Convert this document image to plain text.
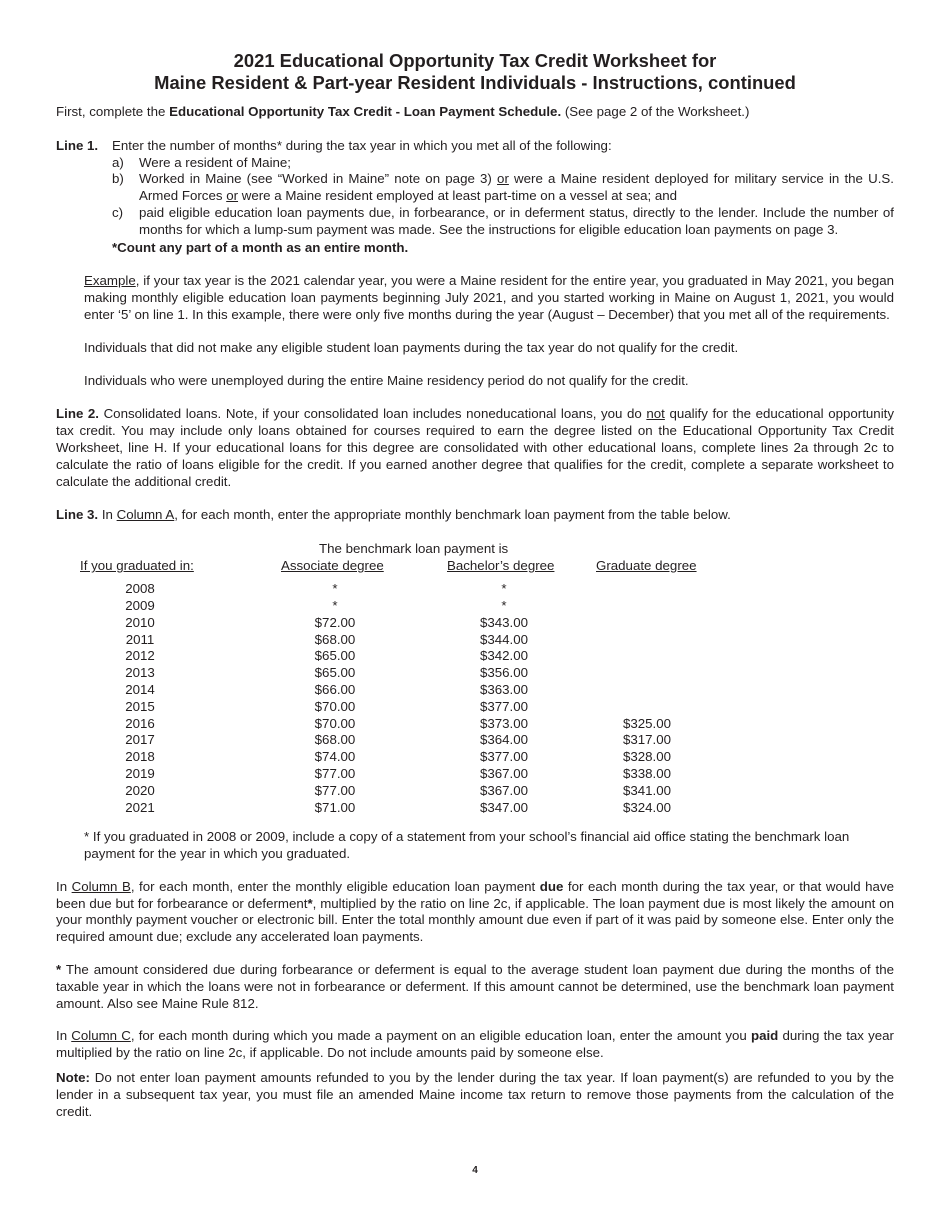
2021 Educational Opportunity Tax Credit Worksheet for
Maine Resident & Part-year Resident Individuals - Instructions, continued

First, complete the Educational Opportunity Tax Credit - Loan Payment Schedule. (See page 2 of the Worksheet.)

Line 1. Enter the number of months* during the tax year in which you met all of the following:

a) Were a resident of Maine;
b) Worked in Maine (see “Worked in Maine” note on page 3) or were a Maine resident deployed for military service in the U.S. Armed Forces or were a Maine resident employed at least part-time on a vessel at sea; and
c) paid eligible education loan payments due, in forbearance, or in deferment status, directly to the lender. Include the number of months for which a lump-sum payment was made. See the instructions for eligible education loan payments on page 3.

*Count any part of a month as an entire month.

Example, if your tax year is the 2021 calendar year, you were a Maine resident for the entire year, you graduated in May 2021, you began making monthly eligible education loan payments beginning July 2021, and you started working in Maine on August 1, 2021, you would enter ‘5’ on line 1. In this example, there were only five months during the year (August – December) that you met all of the requirements.

Individuals that did not make any eligible student loan payments during the tax year do not qualify for the credit.

Individuals who were unemployed during the entire Maine residency period do not qualify for the credit.

Line 2. Consolidated loans. Note, if your consolidated loan includes noneducational loans, you do not qualify for the educational opportunity tax credit. You may include only loans obtained for courses required to earn the degree listed on the Educational Opportunity Tax Credit Worksheet, line H. If your educational loans for this degree are consolidated with other educational loans, complete lines 2a through 2c to calculate the ratio of loans eligible for the credit. If you earned another degree that qualifies for the credit, complete a separate worksheet to calculate the additional credit.

Line 3. In Column A, for each month, enter the appropriate monthly benchmark loan payment from the table below.

The benchmark loan payment is
If you graduated in:	Associate degree	Bachelor’s degree	Graduate degree
2008	*	*
2009	*	*
2010	$72.00	$343.00
2011	$68.00	$344.00
2012	$65.00	$342.00
2013	$65.00	$356.00
2014	$66.00	$363.00
2015	$70.00	$377.00
2016	$70.00	$373.00	$325.00
2017	$68.00	$364.00	$317.00
2018	$74.00	$377.00	$328.00
2019	$77.00	$367.00	$338.00
2020	$77.00	$367.00	$341.00
2021	$71.00	$347.00	$324.00

* If you graduated in 2008 or 2009, include a copy of a statement from your school’s financial aid office stating the benchmark loan payment for the year in which you graduated.

In Column B, for each month, enter the monthly eligible education loan payment due for each month during the tax year, or that would have been due but for forbearance or deferment*, multiplied by the ratio on line 2c, if applicable. The loan payment due is most likely the amount on your monthly payment voucher or electronic bill. Enter the total monthly amount due even if part of it was paid by someone else. Enter only the required amount due; exclude any accelerated loan payments.

* The amount considered due during forbearance or deferment is equal to the average student loan payment due during the months of the taxable year in which the loans were not in forbearance or deferment. If this amount cannot be determined, use the benchmark loan payment amount. Also see Maine Rule 812.

In Column C, for each month during which you made a payment on an eligible education loan, enter the amount you paid during the tax year multiplied by the ratio on line 2c, if applicable. Do not include amounts paid by someone else.

Note: Do not enter loan payment amounts refunded to you by the lender during the tax year. If loan payment(s) are refunded to you by the lender in a subsequent tax year, you must file an amended Maine income tax return to remove those payments from the calculation of the credit.

4
